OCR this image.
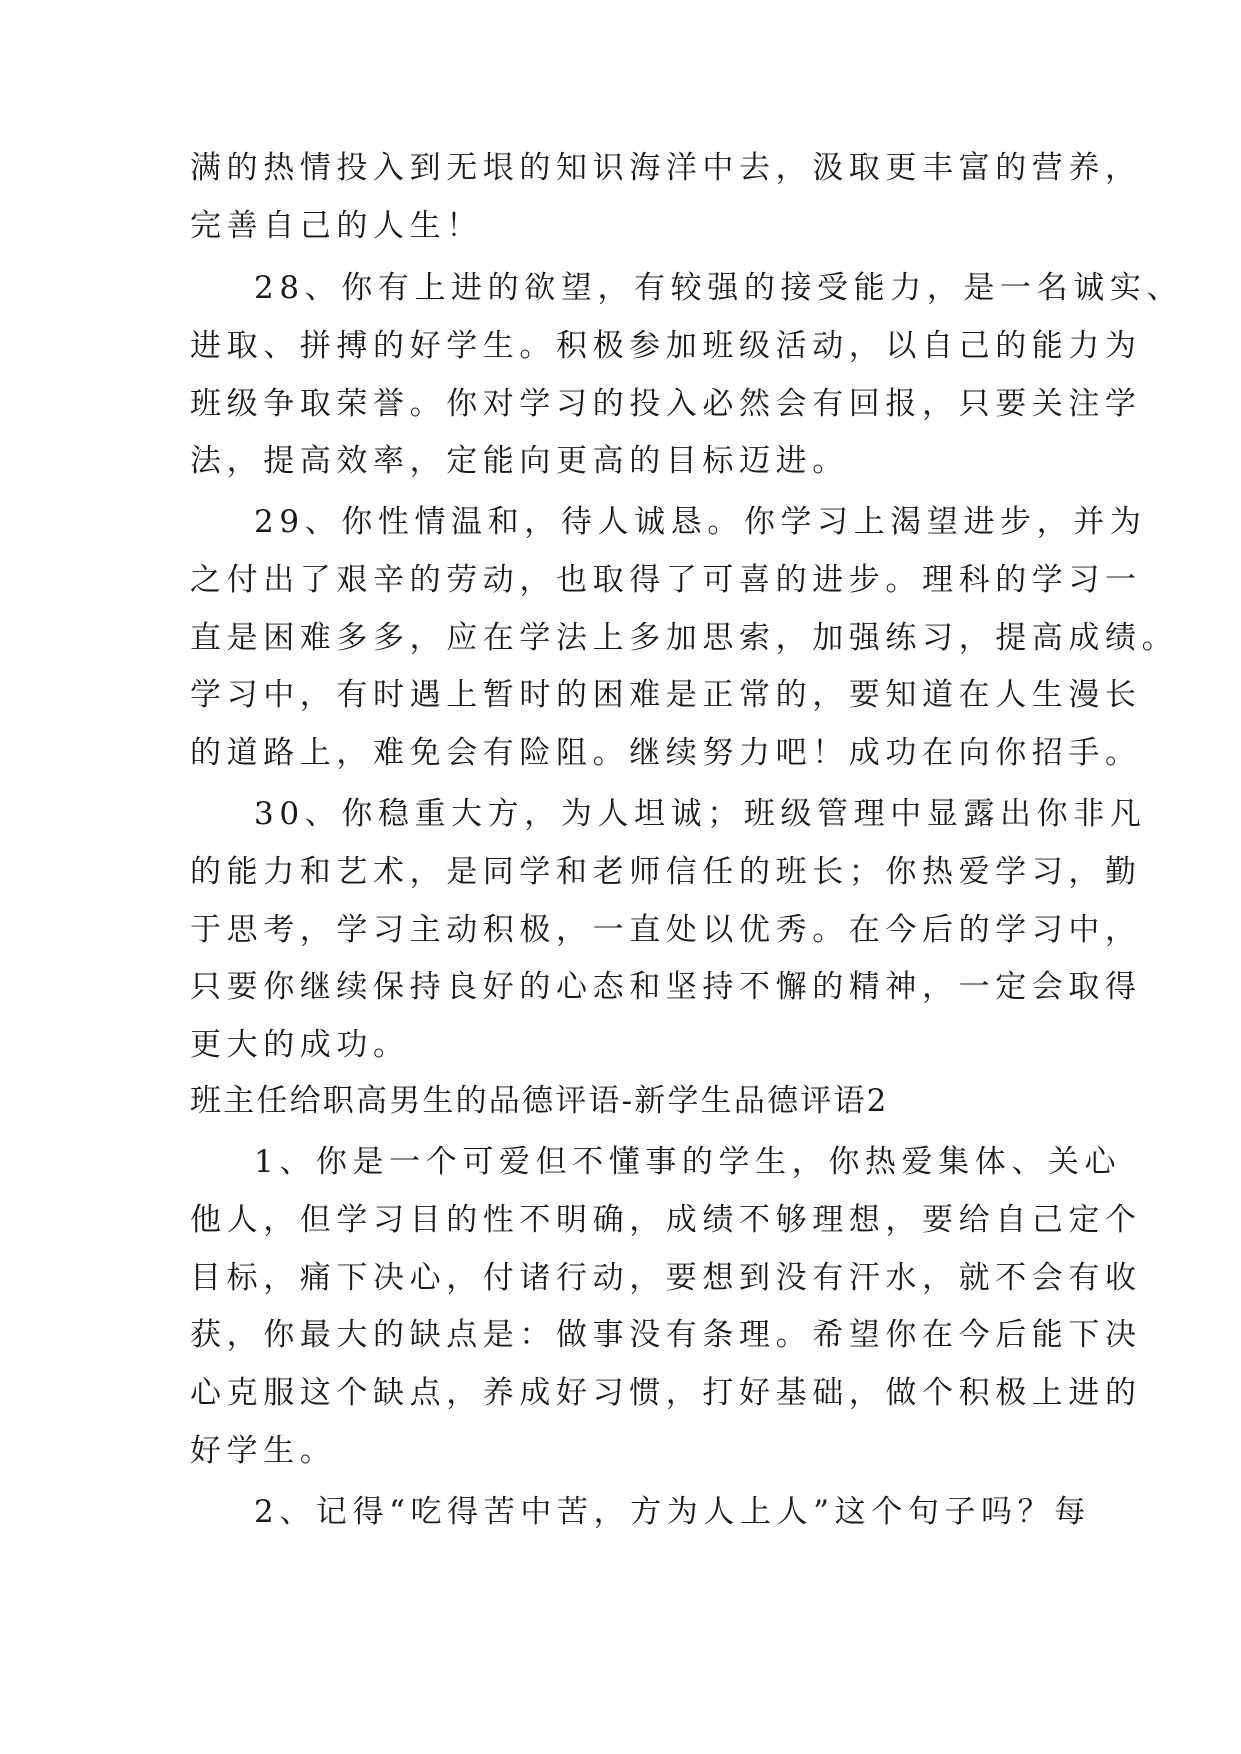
满的热情投入到无垠的知识海洋中去，汲取更丰富的营养，
完善自己的人生！
28、你有上进的欲望，有较强的接受能力，是一名诚实、
进取、拼搏的好学生。积极参加班级活动，以自己的能力为
班级争取荣誉。你对学习的投入必然会有回报，只要关注学
法，提高效率，定能向更高的目标迈进。
29、你性情温和，待人诚恳。你学习上渴望进步，并为
之付出了艰辛的劳动，也取得了可喜的进步。理科的学习一
直是困难多多，应在学法上多加思索，加强练习，提高成绩。
学习中，有时遇上暂时的困难是正常的，要知道在人生漫长
的道路上，难免会有险阻。继续努力吧！成功在向你招手。
30、你稳重大方，为人坦诚；班级管理中显露出你非凡
的能力和艺术，是同学和老师信任的班长；你热爱学习，勤
于思考，学习主动积极，一直处以优秀。在今后的学习中，
只要你继续保持良好的心态和坚持不懈的精神，一定会取得
更大的成功。
班主任给职高男生的品德评语-新学生品德评语2
1、你是一个可爱但不懂事的学生，你热爱集体、关心
他人，但学习目的性不明确，成绩不够理想，要给自己定个
目标，痛下决心，付诸行动，要想到没有汗水，就不会有收
获，你最大的缺点是：做事没有条理。希望你在今后能下决
心克服这个缺点，养成好习惯，打好基础，做个积极上进的
好学生。
2、记得“吃得苦中苦，方为人上人”这个句子吗？每
